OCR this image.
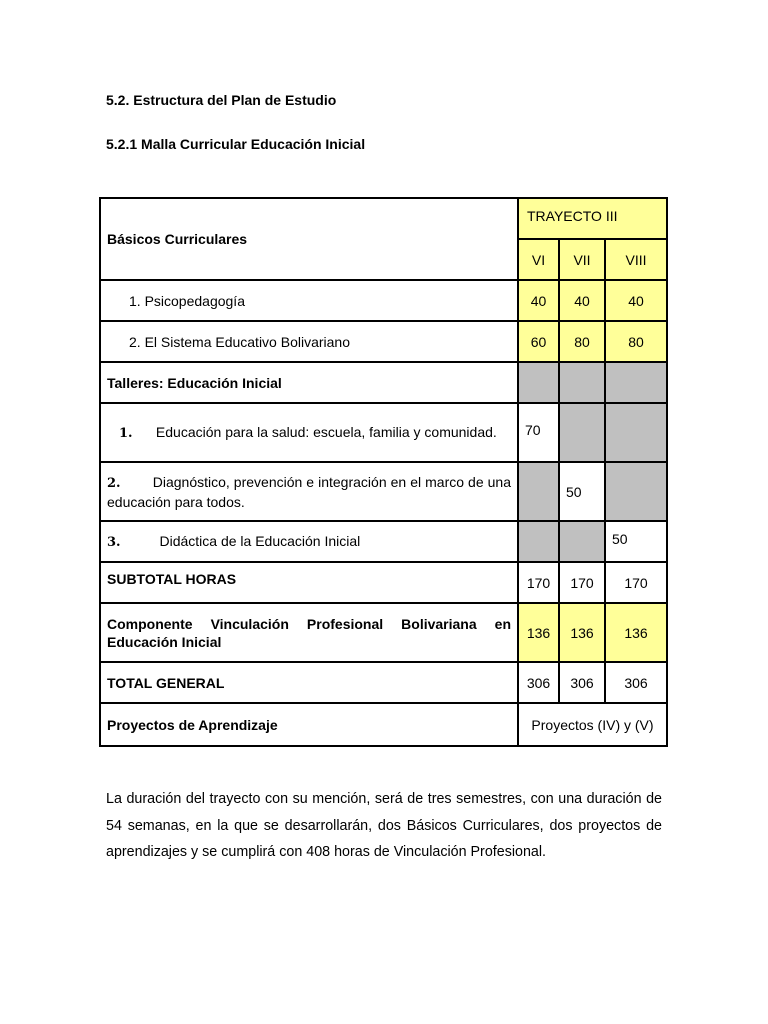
5.2. Estructura del Plan de Estudio

5.2.1 Malla Curricular Educación Inicial

Básicos Curriculares	TRAYECTO III		
	VI	VII	VIII
1. Psicopedagogía	40	40	40
2. El Sistema Educativo Bolivariano	60	80	80
Talleres: Educación Inicial			
1. Educación para la salud: escuela, familia y comunidad.	70		
2. Diagnóstico, prevención e integración en el marco de una educación para todos.		50	
3. Didáctica de la Educación Inicial			50
SUBTOTAL HORAS	170	170	170
Componente Vinculación Profesional Bolivariana en Educación Inicial	136	136	136
TOTAL GENERAL	306	306	306
Proyectos de Aprendizaje	Proyectos (IV) y (V)		

La duración del trayecto con su mención, será de tres semestres, con una duración de 54 semanas, en la que se desarrollarán, dos Básicos Curriculares, dos proyectos de aprendizajes y se cumplirá con 408 horas de Vinculación Profesional.
